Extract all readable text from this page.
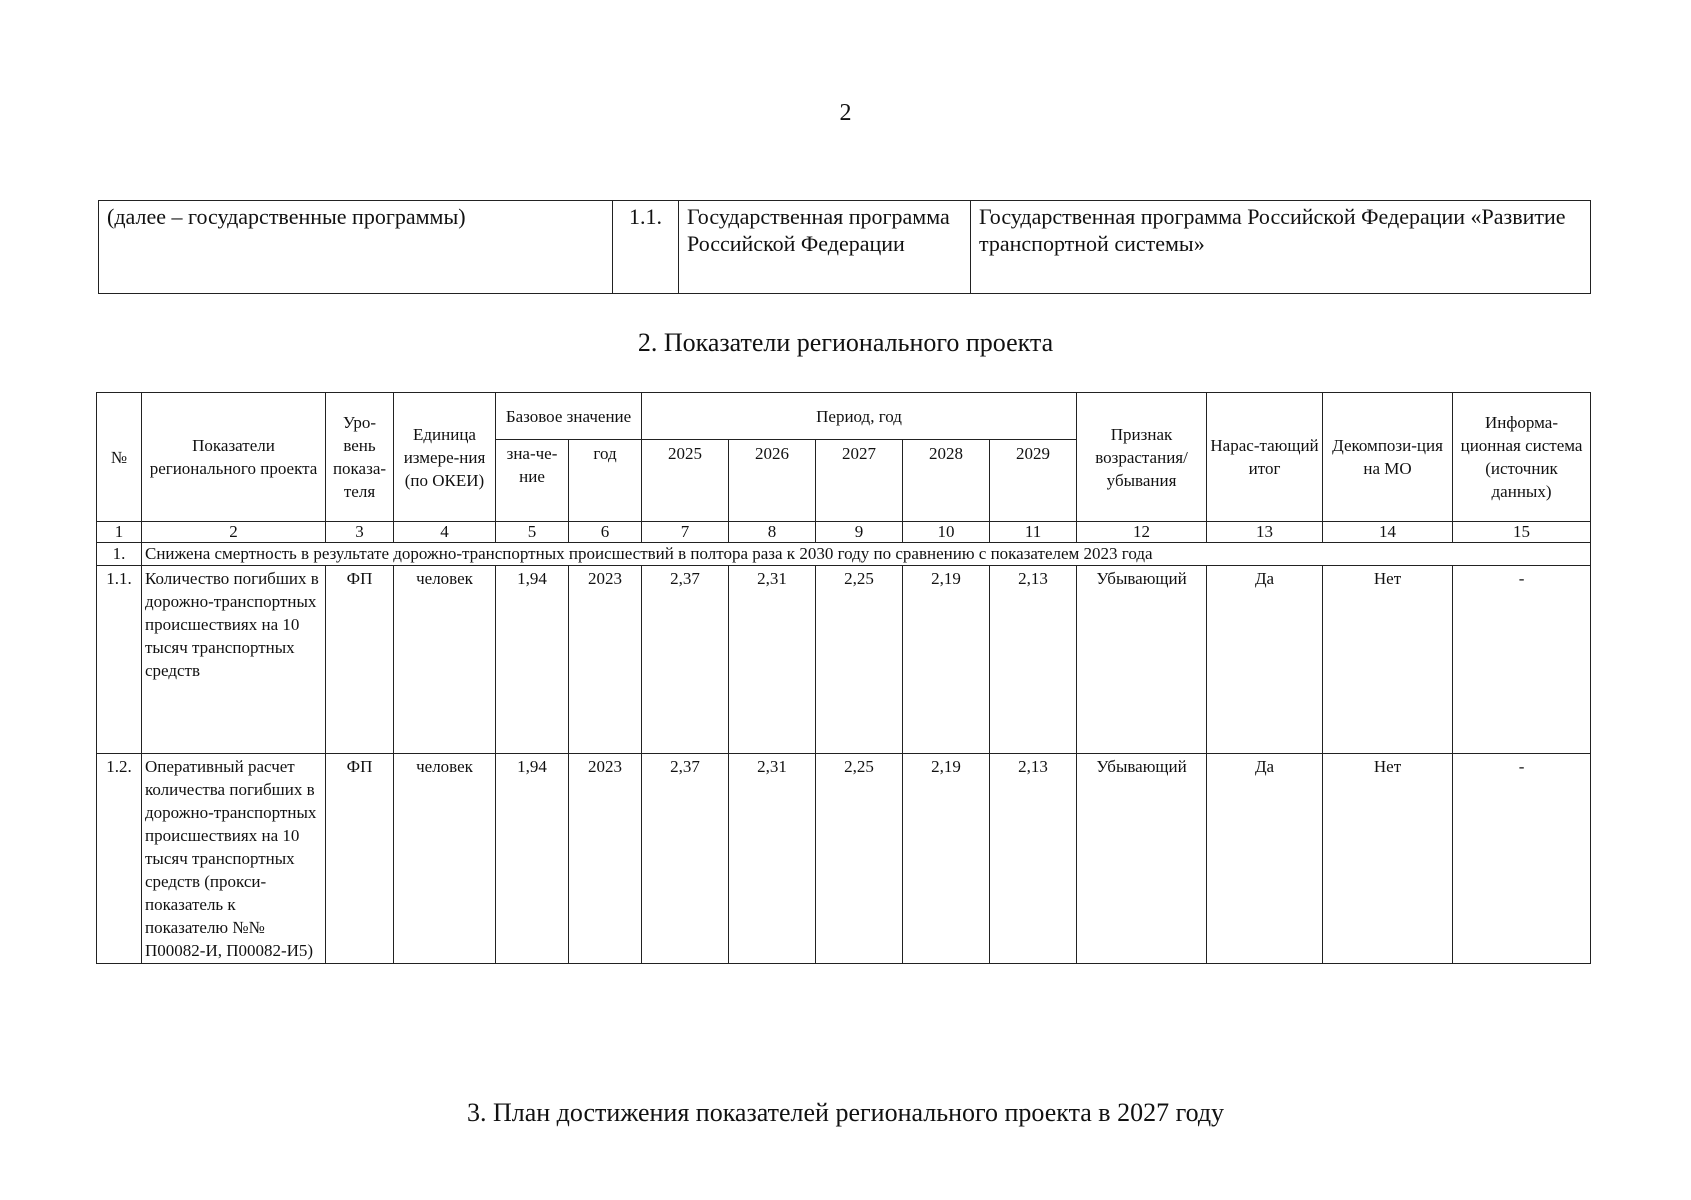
2
(далее – государственные программы)	1.1.	Государственная программа Российской Федерации	Государственная программа Российской Федерации «Развитие транспортной системы»
2. Показатели регионального проекта
№	Показатели регионального проекта	Уро-вень показа-теля	Единица измере-ния (по ОКЕИ)	Базовое значение		Период, год					Признак возрастания/ убывания	Нарас-тающий итог	Декомпози-ция на МО	Информа-ционная система (источник данных)
				зна-че-ние	год	2025	2026	2027	2028	2029				
1	2	3	4	5	6	7	8	9	10	11	12	13	14	15
1.	Снижена смертность в результате дорожно-транспортных происшествий в полтора раза к 2030 году по сравнению с показателем 2023 года													
1.1.	Количество погибших в дорожно-транспортных происшествиях на 10 тысяч транспортных средств	ФП	человек	1,94	2023	2,37	2,31	2,25	2,19	2,13	Убывающий	Да	Нет	-
1.2.	Оперативный расчет количества погибших в дорожно-транспортных происшествиях на 10 тысяч транспортных средств (прокси-показатель к показателю №№ П00082-И, П00082-И5)	ФП	человек	1,94	2023	2,37	2,31	2,25	2,19	2,13	Убывающий	Да	Нет	-
3. План достижения показателей регионального проекта в 2027 году
